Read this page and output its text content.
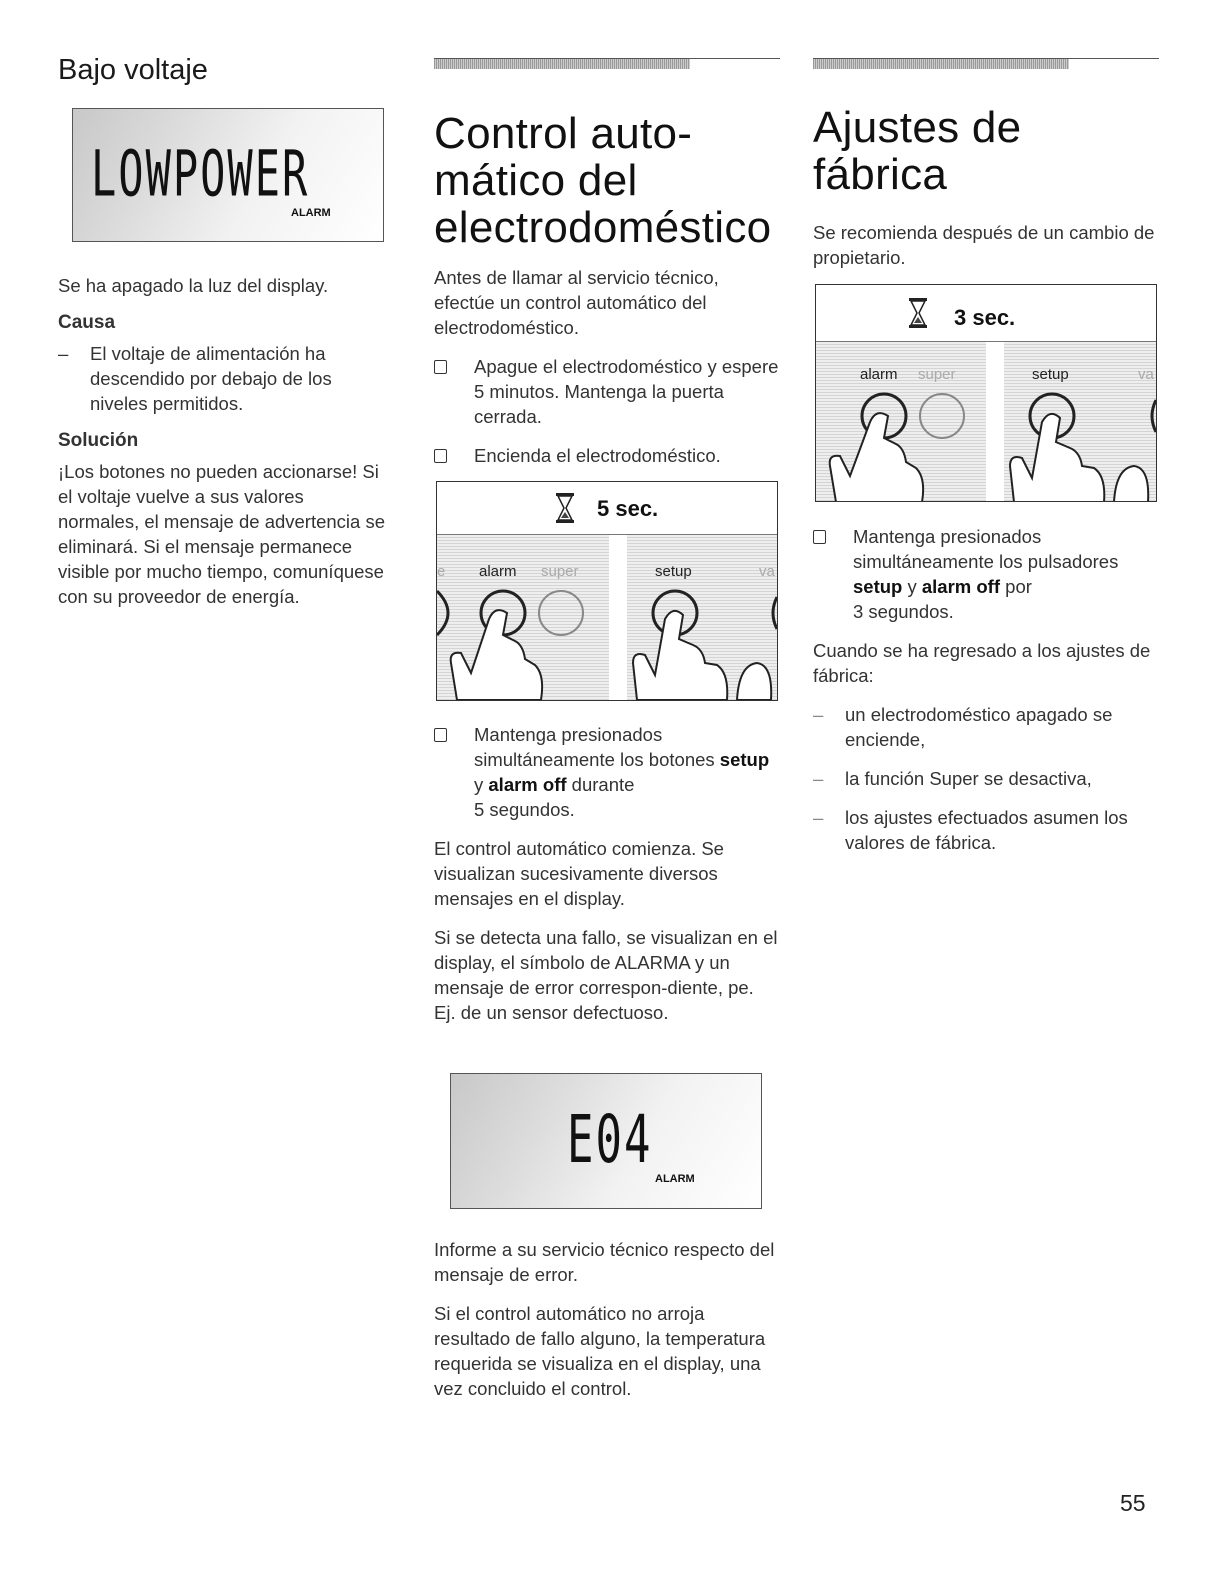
Bajo voltaje
LOWPOWER
ALARM

Se ha apagado la luz del display.

Causa

– El voltaje de alimentación ha descendido por debajo de los niveles permitidos.

Solución

¡Los botones no pueden accionarse! Si el voltaje vuelve a sus valores normales, el mensaje de advertencia se eliminará. Si el mensaje permanece visible por mucho tiempo, comuníquese con su proveedor de energía.

Control auto-
mático del
electrodoméstico

Antes de llamar al servicio técnico, efectúe un control automático del electrodoméstico.

Apague el electrodoméstico y espere 5 minutos. Mantenga la puerta cerrada.
Encienda el electrodoméstico.
5 sec.
e alarm super	setup	va
Mantenga presionados simultáneamente los botones setup y alarm off durante
5 segundos.

El control automático comienza. Se visualizan sucesivamente diversos mensajes en el display.

Si se detecta una fallo, se visualizan en el display, el símbolo de ALARMA y un mensaje de error correspon-diente, pe. Ej. de un sensor defectuoso.

E04
ALARM

Informe a su servicio técnico respecto del mensaje de error.

Si el control automático no arroja resultado de fallo alguno, la temperatura requerida se visualiza en el display, una vez concluido el control.

Ajustes de
fábrica

Se recomienda después de un cambio de propietario.

3 sec.
alarm super	setup	va
Mantenga presionados simultáneamente los pulsadores setup y alarm off por
3 segundos.

Cuando se ha regresado a los ajustes de fábrica:

– un electrodoméstico apagado se enciende,
– la función Super se desactiva,
– los ajustes efectuados asumen los valores de fábrica.
55
